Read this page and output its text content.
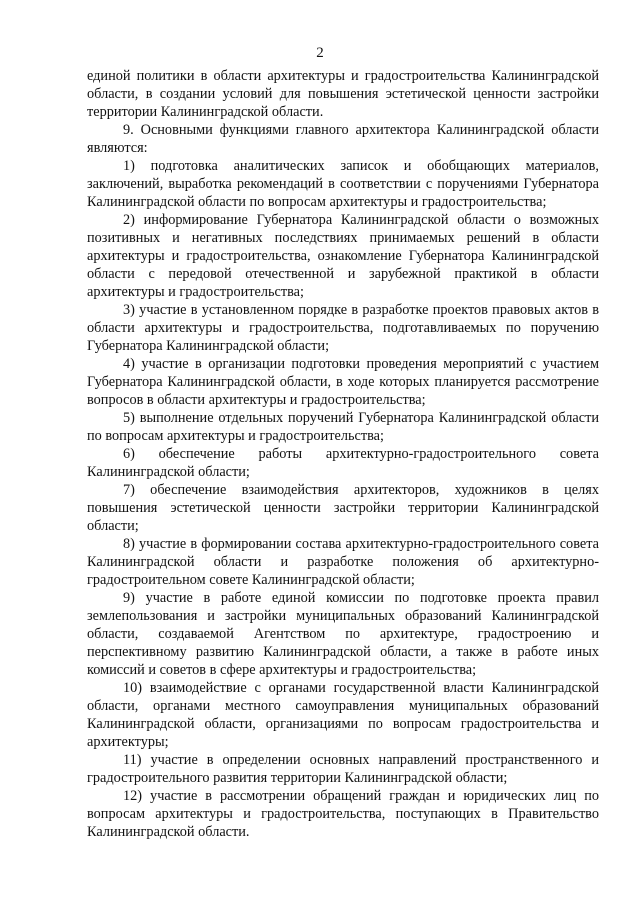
2

единой политики в области архитектуры и градостроительства Калининградской области, в создании условий для повышения эстетической ценности застройки территории Калининградской области.

9. Основными функциями главного архитектора Калининградской области являются:

1) подготовка аналитических записок и обобщающих материалов, заключений, выработка рекомендаций в соответствии с поручениями Губернатора Калининградской области по вопросам архитектуры и градостроительства;

2) информирование Губернатора Калининградской области о возможных позитивных и негативных последствиях принимаемых решений в области архитектуры и градостроительства, ознакомление Губернатора Калининградской области с передовой отечественной и зарубежной практикой в области архитектуры и градостроительства;

3) участие в установленном порядке в разработке проектов правовых актов в области архитектуры и градостроительства, подготавливаемых по поручению Губернатора Калининградской области;

4) участие в организации подготовки проведения мероприятий с участием Губернатора Калининградской области, в ходе которых планируется рассмотрение вопросов в области архитектуры и градостроительства;

5) выполнение отдельных поручений Губернатора Калининградской области по вопросам архитектуры и градостроительства;

6) обеспечение работы архитектурно-градостроительного совета Калининградской области;

7) обеспечение взаимодействия архитекторов, художников в целях повышения эстетической ценности застройки территории Калининградской области;

8) участие в формировании состава архитектурно-градостроительного совета Калининградской области и разработке положения об архитектурно-градостроительном совете Калининградской области;

9) участие в работе единой комиссии по подготовке проекта правил землепользования и застройки муниципальных образований Калининградской области, создаваемой Агентством по архитектуре, градостроению и перспективному развитию Калининградской области, а также в работе иных комиссий и советов в сфере архитектуры и градостроительства;

10) взаимодействие с органами государственной власти Калининградской области, органами местного самоуправления муниципальных образований Калининградской области, организациями по вопросам градостроительства и архитектуры;

11) участие в определении основных направлений пространственного и градостроительного развития территории Калининградской области;

12) участие в рассмотрении обращений граждан и юридических лиц по вопросам архитектуры и градостроительства, поступающих в Правительство Калининградской области.
